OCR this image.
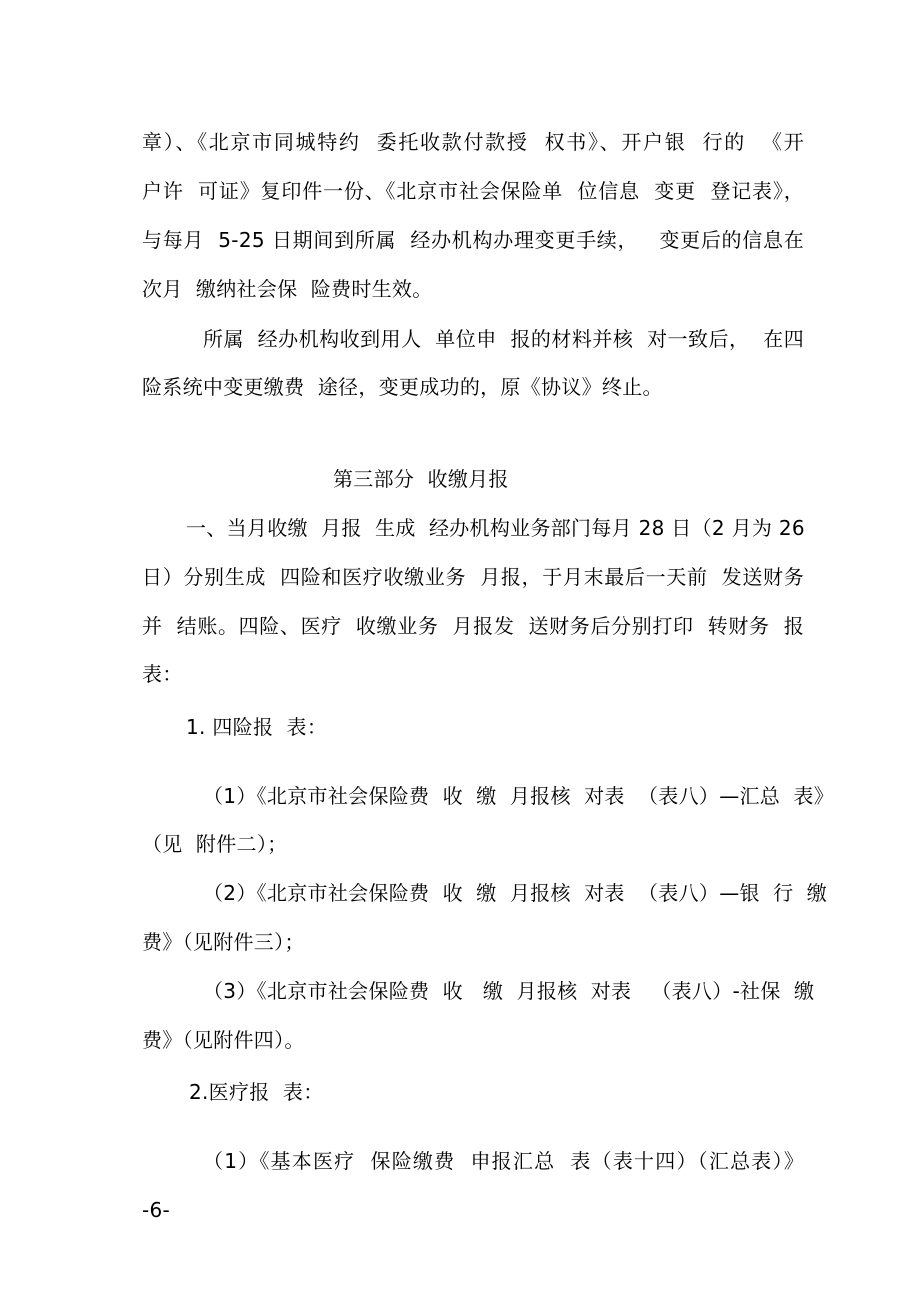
章）、《北京市同城特约  委托收款付款授  权书》、开户银  行的  《开
户许  可证》复印件一份、《北京市社会保险单  位信息  变更  登记表》，
与每月  5-25 日期间到所属  经办机构办理变更手续，   变更后的信息在
次月  缴纳社会保  险费时生效。
所属  经办机构收到用人  单位申  报的材料并核  对一致后，  在四
险系统中变更缴费  途径，变更成功的，原《协议》终止。
第三部分  收缴月报
一、当月收缴  月报  生成  经办机构业务部门每月 28 日（2 月为 26
日）分别生成  四险和医疗收缴业务  月报，于月末最后一天前  发送财务
并  结账。四险、医疗  收缴业务  月报发  送财务后分别打印  转财务  报
表：
1. 四险报  表：
（1）《北京市社会保险费  收  缴  月报核  对表  （表八）—汇总  表》
（见  附件二）；
（2）《北京市社会保险费  收  缴  月报核  对表  （表八）—银  行  缴
费》（见附件三）；
（3）《北京市社会保险费  收   缴  月报核  对表   （表八）-社保  缴
费》（见附件四）。
2.医疗报  表：
（1）《基本医疗  保险缴费  申报汇总  表（表十四）（汇总表）》
-6-
